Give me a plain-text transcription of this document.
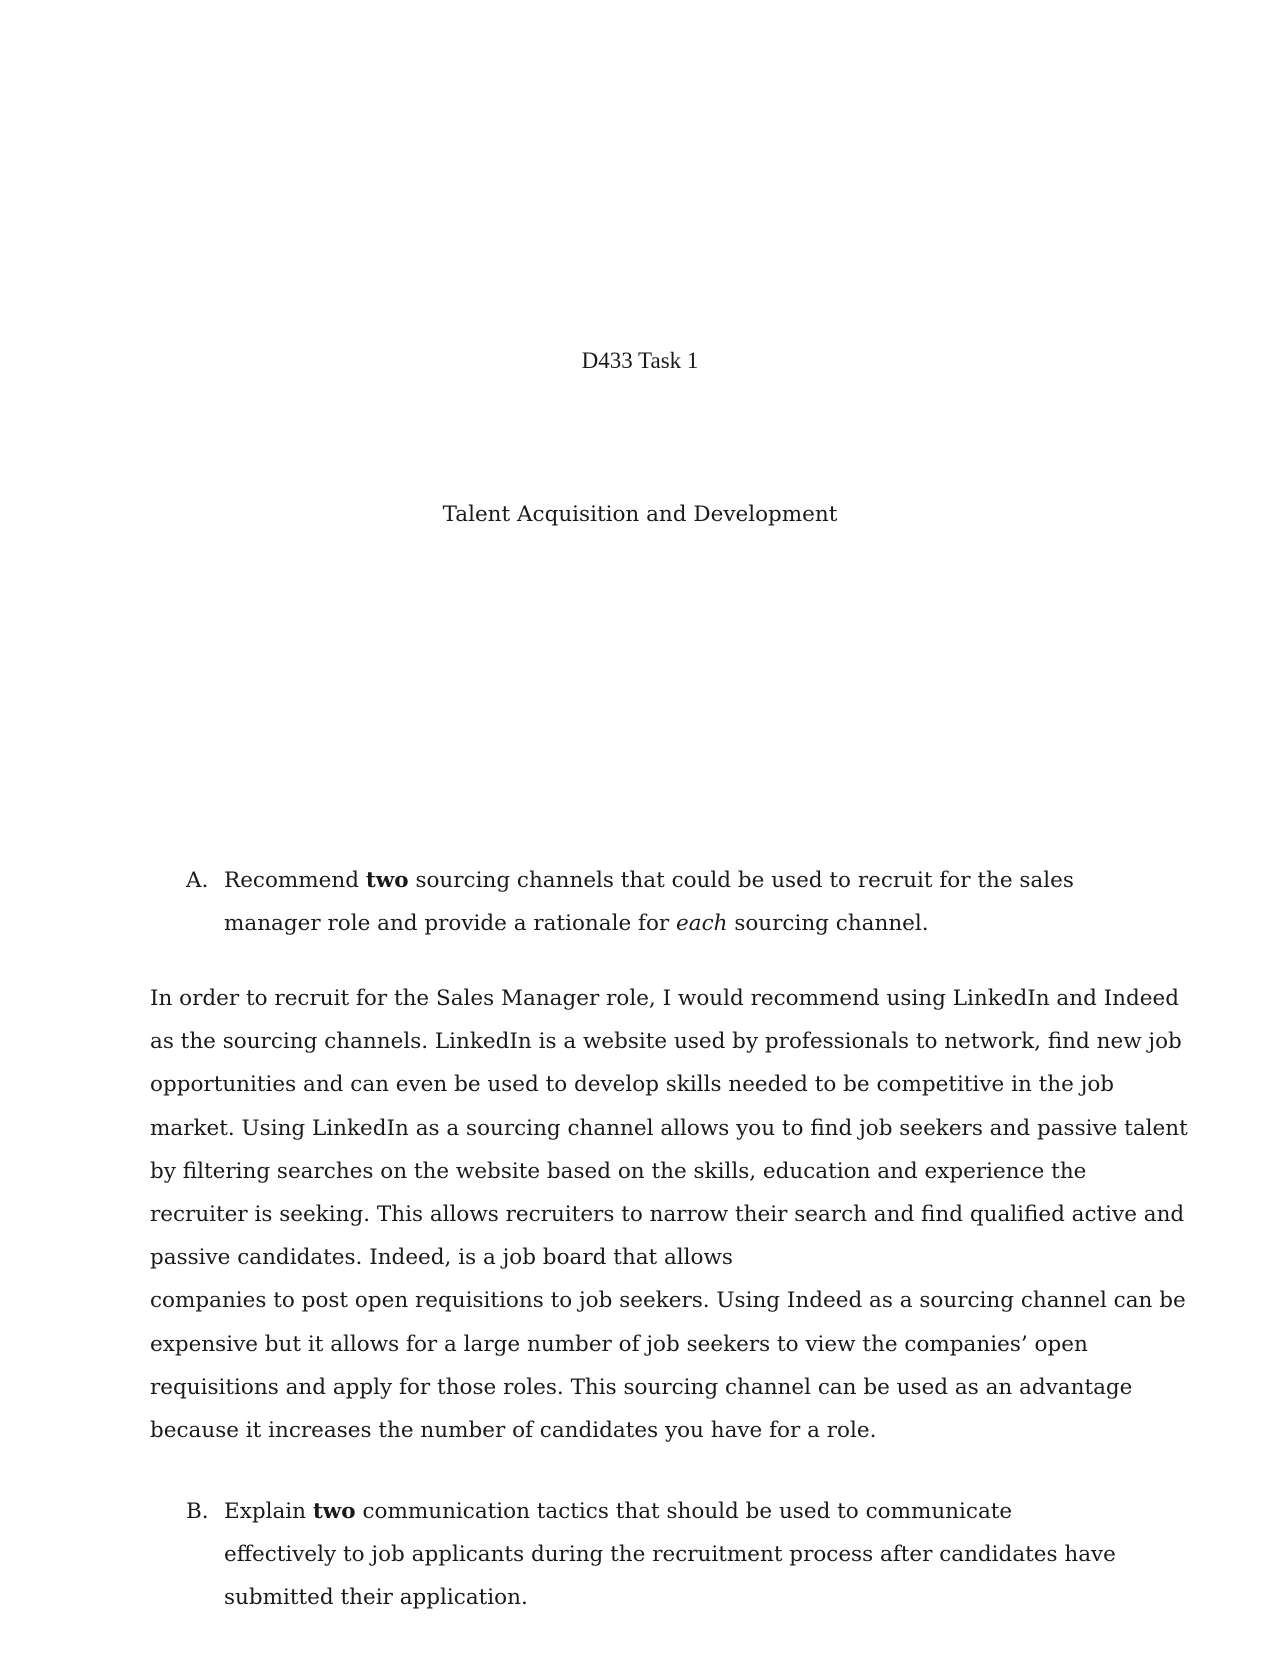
D433 Task 1
Talent Acquisition and Development
A. Recommend two sourcing channels that could be used to recruit for the sales manager role and provide a rationale for each sourcing channel.
In order to recruit for the Sales Manager role, I would recommend using LinkedIn and Indeed
as the sourcing channels. LinkedIn is a website used by professionals to network, find new job
opportunities and can even be used to develop skills needed to be competitive in the job
market. Using LinkedIn as a sourcing channel allows you to find job seekers and passive talent
by filtering searches on the website based on the skills, education and experience the
recruiter is seeking. This allows recruiters to narrow their search and find qualified active and
passive candidates. Indeed, is a job board that allows
companies to post open requisitions to job seekers. Using Indeed as a sourcing channel can be
expensive but it allows for a large number of job seekers to view the companies’ open
requisitions and apply for those roles. This sourcing channel can be used as an advantage
because it increases the number of candidates you have for a role.
B. Explain two communication tactics that should be used to communicate effectively to job applicants during the recruitment process after candidates have submitted their application.
